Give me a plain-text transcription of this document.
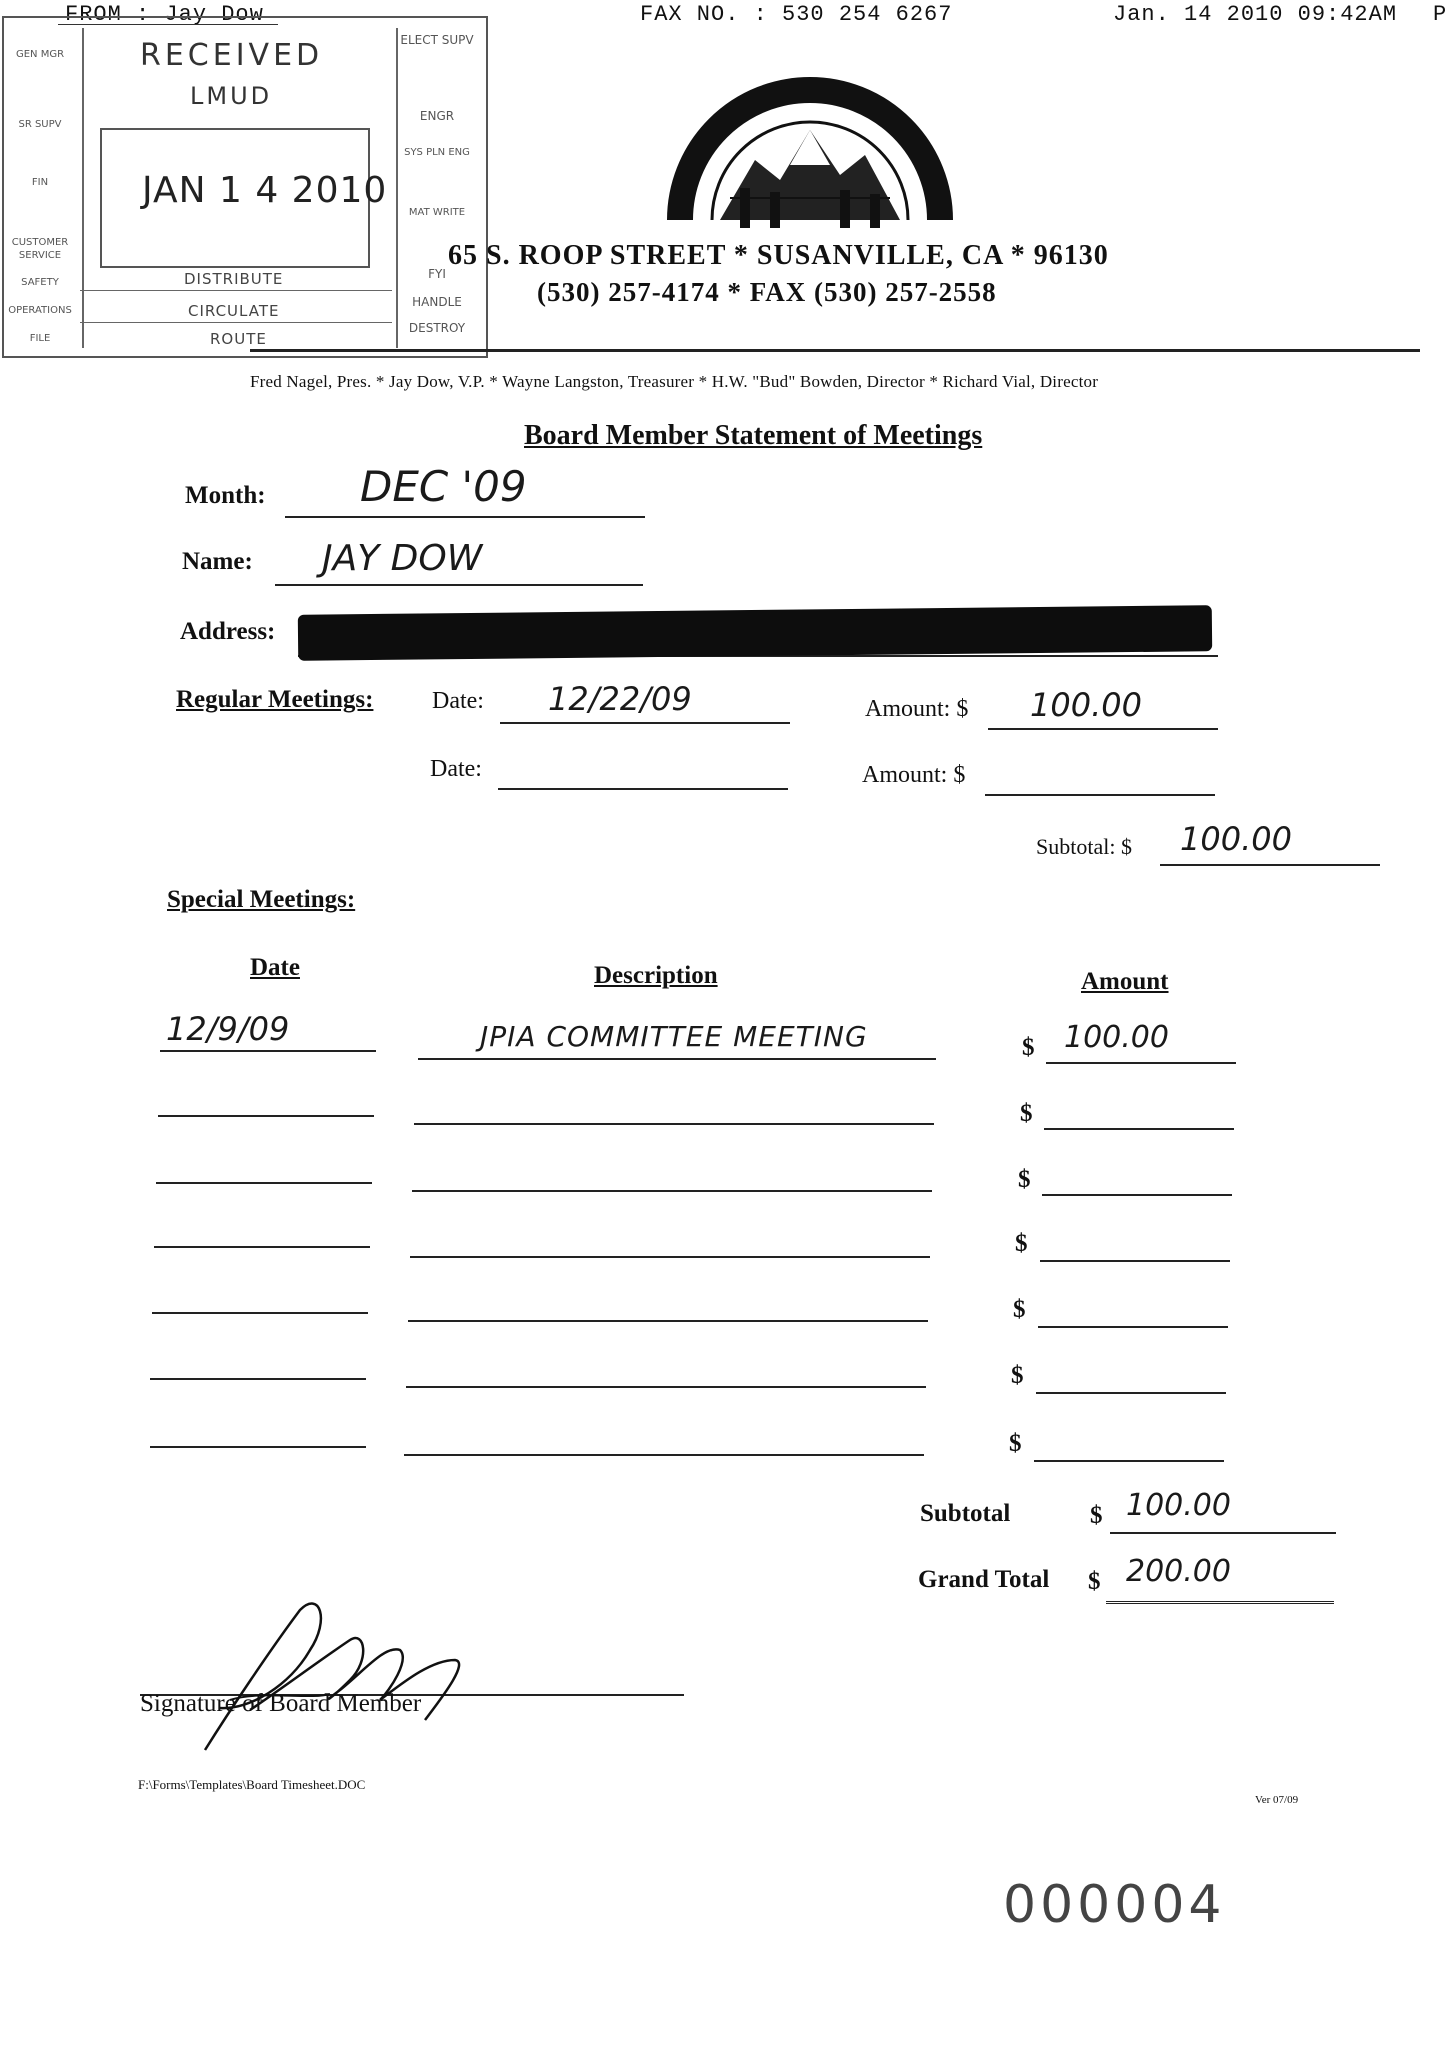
FROM : Jay Dow	FAX NO. : 530 254 6267	Jan. 14 2010 09:42AM P
RECEIVED
LMUD
JAN 1 4 2010
ELECT SUPV
ENGR
SYS PLN ENG
MAT WRITE
FYI
HANDLE
DESTROY
GEN MGR
SR SUPV
FIN
CUSTOMER SERVICE
SAFETY
OPERATIONS
FILE
DISTRIBUTE
CIRCULATE
ROUTE
65 S. ROOP STREET * SUSANVILLE, CA * 96130
(530) 257-4174 * FAX (530) 257-2558
Fred Nagel, Pres. * Jay Dow, V.P. * Wayne Langston, Treasurer * H.W. "Bud" Bowden, Director * Richard Vial, Director
Board Member Statement of Meetings
Month: DEC '09
Name: JAY DOW
Address:
Regular Meetings: Date: 12/22/09	Amount: $ 100.00
Date:	Amount: $
Subtotal: $ 100.00
Special Meetings:
Date	Description	Amount
12/9/09	JPIA COMMITTEE MEETING	$ 100.00
$
$
$
$
$
$
Subtotal	$ 100.00
Grand Total $ 200.00
Signature of Board Member
F:\Forms\Templates\Board Timesheet.DOC
Ver 07/09
000004
